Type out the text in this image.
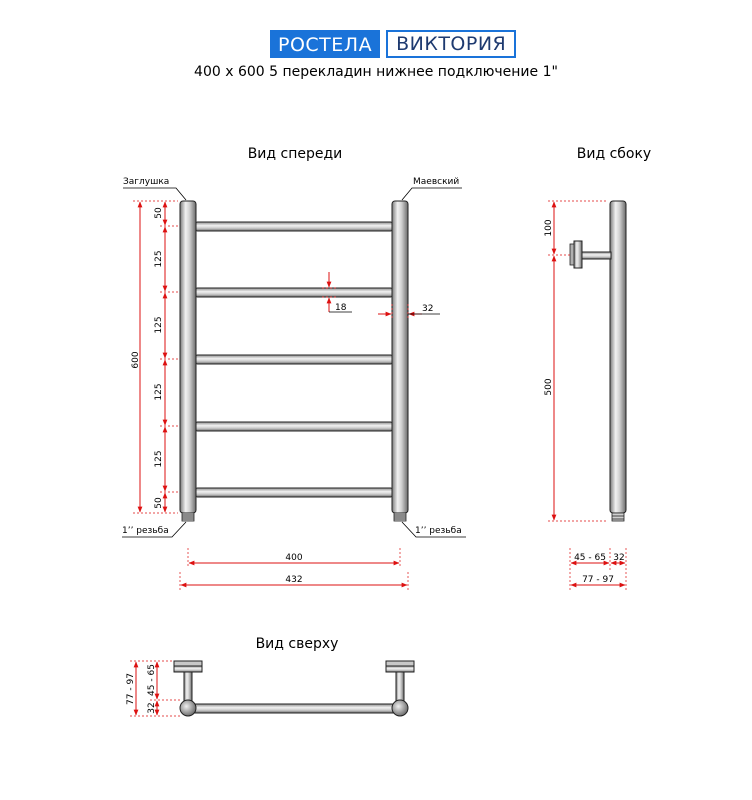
РОСТЕЛА	ВИКТОРИЯ
400 x 600 5 перекладин нижнее подключение 1"
Вид спереди
Заглушка	Маевский
1’’ резьба	1’’ резьба
600
50
125
125
125
125
50
18	32
400
432
Вид сбоку
100
500
45 - 65 32
77 - 97
Вид сверху
77 - 97
32
45 - 65
